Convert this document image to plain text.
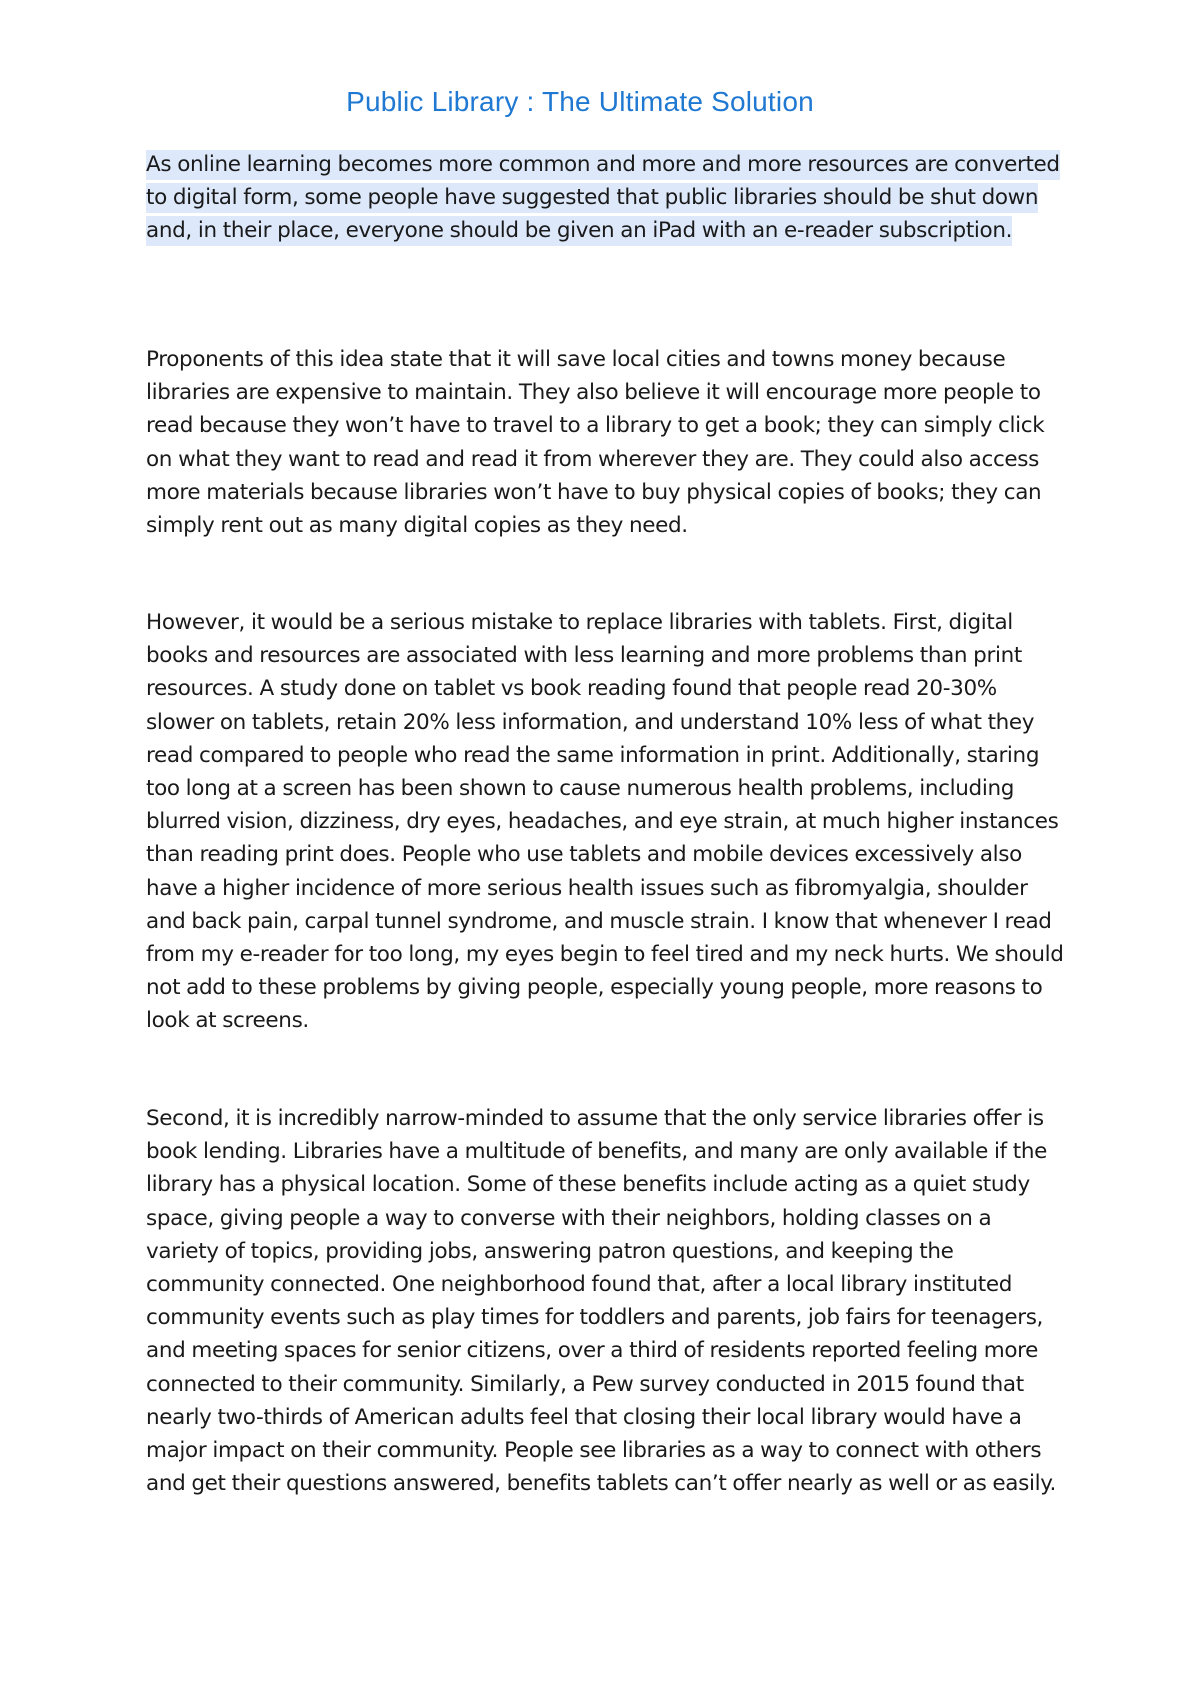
Public Library : The Ultimate Solution

As online learning becomes more common and more and more resources are converted to digital form, some people have suggested that public libraries should be shut down and, in their place, everyone should be given an iPad with an e-reader subscription.

Proponents of this idea state that it will save local cities and towns money because libraries are expensive to maintain. They also believe it will encourage more people to read because they won’t have to travel to a library to get a book; they can simply click on what they want to read and read it from wherever they are. They could also access more materials because libraries won’t have to buy physical copies of books; they can simply rent out as many digital copies as they need.

However, it would be a serious mistake to replace libraries with tablets. First, digital books and resources are associated with less learning and more problems than print resources. A study done on tablet vs book reading found that people read 20-30% slower on tablets, retain 20% less information, and understand 10% less of what they read compared to people who read the same information in print. Additionally, staring too long at a screen has been shown to cause numerous health problems, including blurred vision, dizziness, dry eyes, headaches, and eye strain, at much higher instances than reading print does. People who use tablets and mobile devices excessively also have a higher incidence of more serious health issues such as fibromyalgia, shoulder and back pain, carpal tunnel syndrome, and muscle strain. I know that whenever I read from my e-reader for too long, my eyes begin to feel tired and my neck hurts. We should not add to these problems by giving people, especially young people, more reasons to look at screens.

Second, it is incredibly narrow-minded to assume that the only service libraries offer is book lending. Libraries have a multitude of benefits, and many are only available if the library has a physical location. Some of these benefits include acting as a quiet study space, giving people a way to converse with their neighbors, holding classes on a variety of topics, providing jobs, answering patron questions, and keeping the community connected. One neighborhood found that, after a local library instituted community events such as play times for toddlers and parents, job fairs for teenagers, and meeting spaces for senior citizens, over a third of residents reported feeling more connected to their community. Similarly, a Pew survey conducted in 2015 found that nearly two-thirds of American adults feel that closing their local library would have a major impact on their community. People see libraries as a way to connect with others and get their questions answered, benefits tablets can’t offer nearly as well or as easily.
